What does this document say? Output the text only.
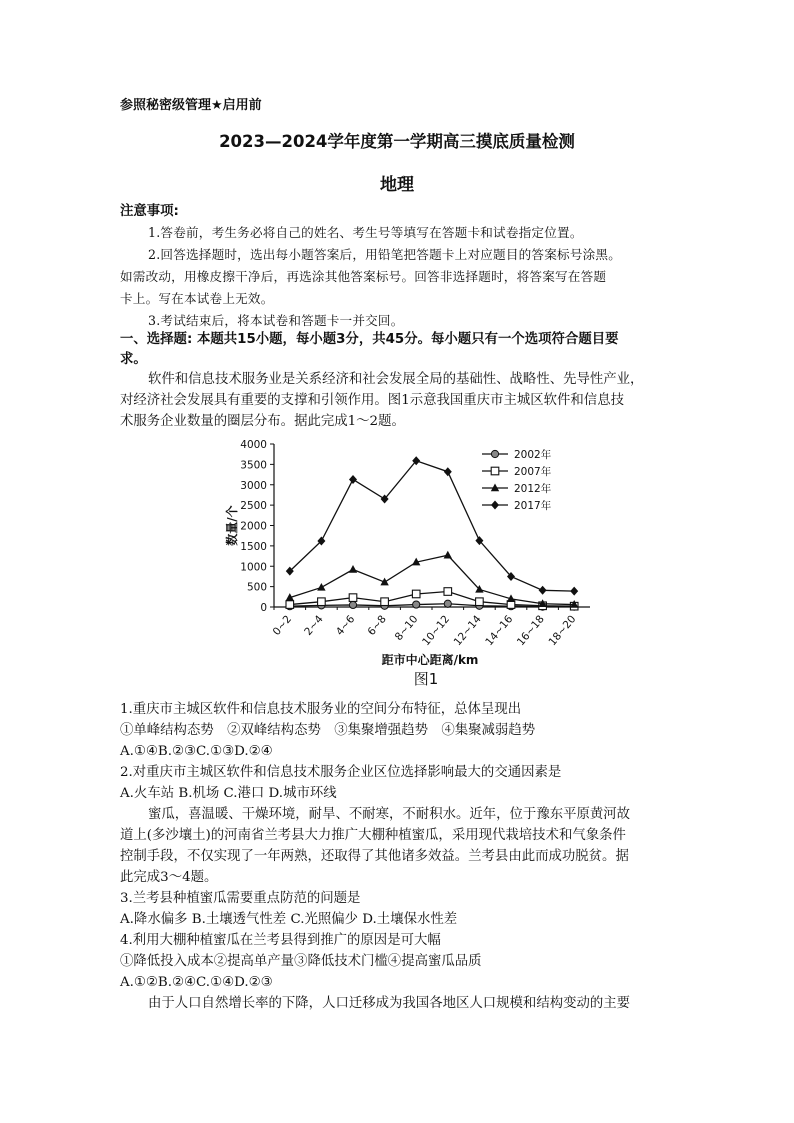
参照秘密级管理★启用前
2023—2024学年度第一学期高三摸底质量检测
地理
注意事项:
1.答卷前，考生务必将自己的姓名、考生号等填写在答题卡和试卷指定位置。
2.回答选择题时，选出每小题答案后，用铅笔把答题卡上对应题目的答案标号涂黑。
如需改动，用橡皮擦干净后，再选涂其他答案标号。回答非选择题时，将答案写在答题
卡上。写在本试卷上无效。
3.考试结束后，将本试卷和答题卡一并交回。
一、选择题: 本题共15小题，每小题3分，共45分。每小题只有一个选项符合题目要
求。
软件和信息技术服务业是关系经济和社会发展全局的基础性、战略性、先导性产业，
对经济社会发展具有重要的支撑和引领作用。图1示意我国重庆市主城区软件和信息技
术服务企业数量的圈层分布。据此完成1～2题。
0
500
1000
1500
2000
2500
3000
3500
4000
0~2 2~4 4~6 6~8 8~10 10~12 12~14 14~16 16~18 18~20
距市中心距离/km
数量/个
2002年
2007年
2012年
2017年
图1
1.重庆市主城区软件和信息技术服务业的空间分布特征，总体呈现出
①单峰结构态势　②双峰结构态势　③集聚增强趋势　④集聚减弱趋势
A.①④B.②③C.①③D.②④
2.对重庆市主城区软件和信息技术服务企业区位选择影响最大的交通因素是
A.火车站 B.机场 C.港口 D.城市环线
蜜瓜，喜温暖、干燥环境，耐旱、不耐寒，不耐积水。近年，位于豫东平原黄河故
道上(多沙壤土)的河南省兰考县大力推广大棚种植蜜瓜，采用现代栽培技术和气象条件
控制手段，不仅实现了一年两熟，还取得了其他诸多效益。兰考县由此而成功脱贫。据
此完成3～4题。
3.兰考县种植蜜瓜需要重点防范的问题是
A.降水偏多 B.土壤透气性差 C.光照偏少 D.土壤保水性差
4.利用大棚种植蜜瓜在兰考县得到推广的原因是可大幅
①降低投入成本②提高单产量③降低技术门槛④提高蜜瓜品质
A.①②B.②④C.①④D.②③
由于人口自然增长率的下降，人口迁移成为我国各地区人口规模和结构变动的主要
